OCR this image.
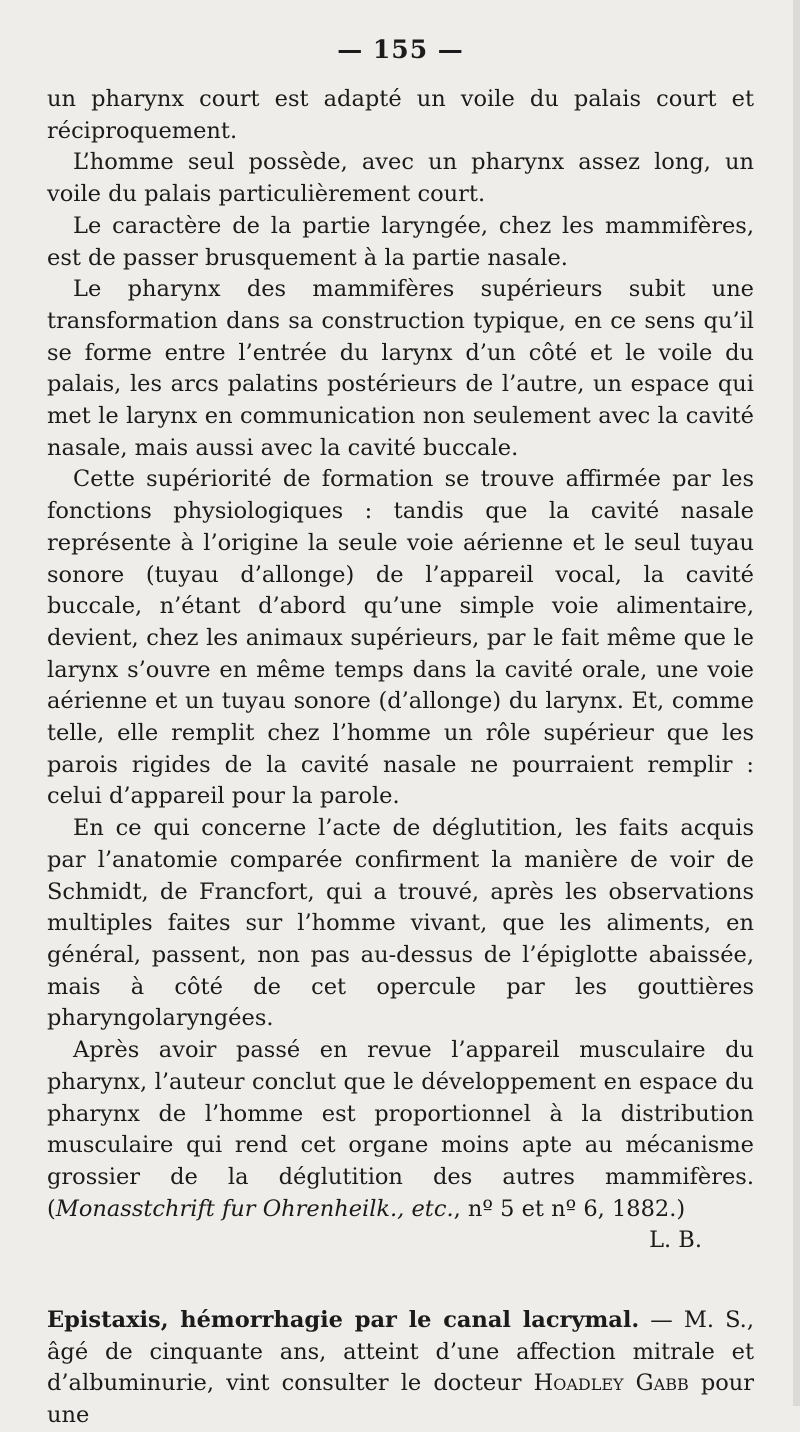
— 155 —

un pharynx court est adapté un voile du palais court et réciproquement.

L’homme seul possède, avec un pharynx assez long, un voile du palais particulièrement court.

Le caractère de la partie laryngée, chez les mammifères, est de passer brusquement à la partie nasale.

Le pharynx des mammifères supérieurs subit une transformation dans sa construction typique, en ce sens qu’il se forme entre l’entrée du larynx d’un côté et le voile du palais, les arcs palatins postérieurs de l’autre, un espace qui met le larynx en communication non seulement avec la cavité nasale, mais aussi avec la cavité buccale.

Cette supériorité de formation se trouve affirmée par les fonctions physiologiques : tandis que la cavité nasale représente à l’origine la seule voie aérienne et le seul tuyau sonore (tuyau d’allonge) de l’appareil vocal, la cavité buccale, n’étant d’abord qu’une simple voie alimentaire, devient, chez les animaux supérieurs, par le fait même que le larynx s’ouvre en même temps dans la cavité orale, une voie aérienne et un tuyau sonore (d’allonge) du larynx. Et, comme telle, elle remplit chez l’homme un rôle supérieur que les parois rigides de la cavité nasale ne pourraient remplir : celui d’appareil pour la parole.

En ce qui concerne l’acte de déglutition, les faits acquis par l’anatomie comparée confirment la manière de voir de Schmidt, de Francfort, qui a trouvé, après les observations multiples faites sur l’homme vivant, que les aliments, en général, passent, non pas au-dessus de l’épiglotte abaissée, mais à côté de cet opercule par les gouttières pharyngolaryngées.

Après avoir passé en revue l’appareil musculaire du pharynx, l’auteur conclut que le développement en espace du pharynx de l’homme est proportionnel à la distribution musculaire qui rend cet organe moins apte au mécanisme grossier de la déglutition des autres mammifères. (Monasstchrift fur Ohrenheilk., etc., nº 5 et nº 6, 1882.)

L. B.

Epistaxis, hémorrhagie par le canal lacrymal. — M. S., âgé de cinquante ans, atteint d’une affection mitrale et d’albuminurie, vint consulter le docteur Hoadley Gabb pour une
